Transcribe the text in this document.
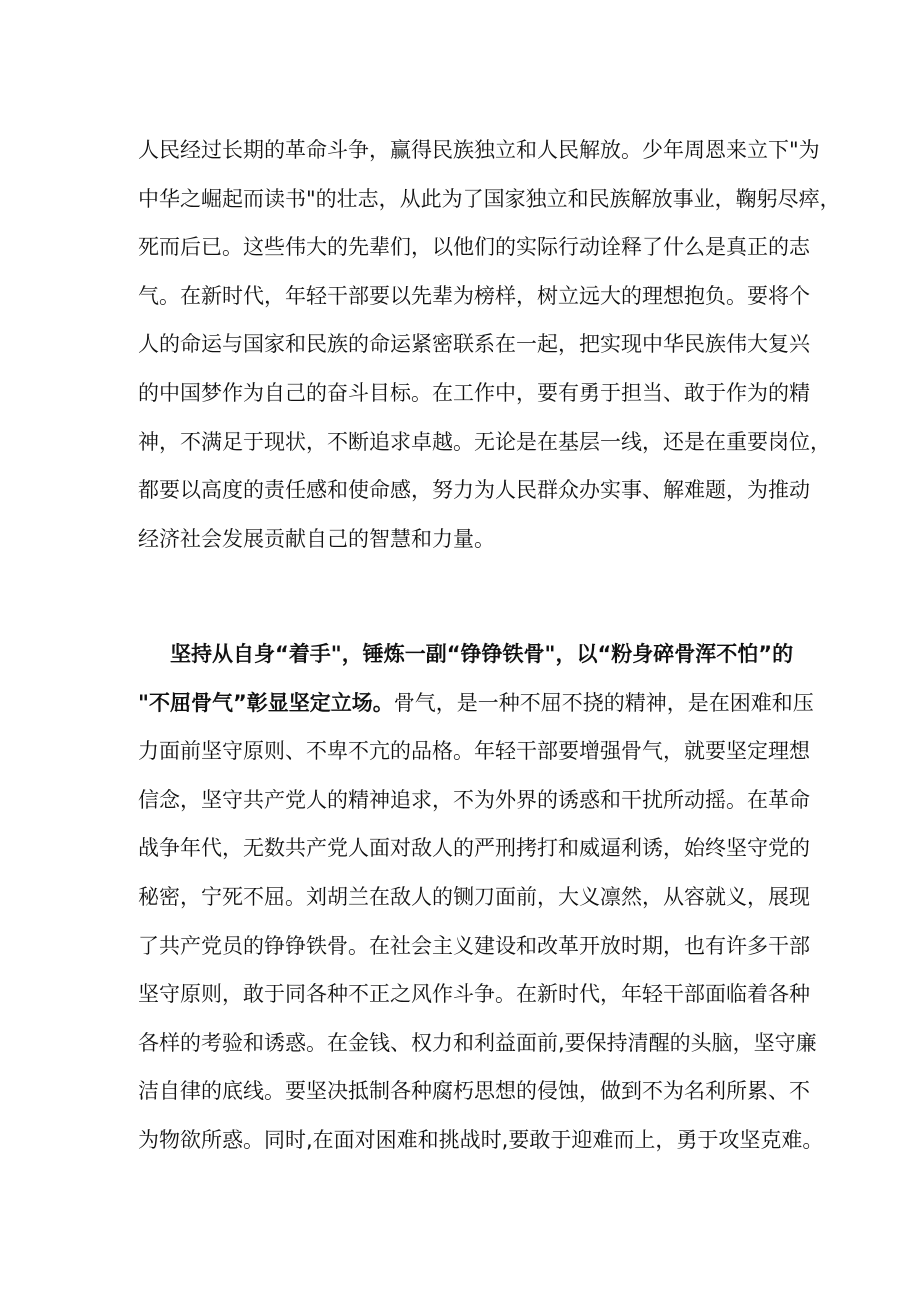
人民经过长期的革命斗争，赢得民族独立和人民解放。少年周恩来立下"为
中华之崛起而读书"的壮志，从此为了国家独立和民族解放事业，鞠躬尽瘁，
死而后已。这些伟大的先辈们，以他们的实际行动诠释了什么是真正的志
气。在新时代，年轻干部要以先辈为榜样，树立远大的理想抱负。要将个
人的命运与国家和民族的命运紧密联系在一起，把实现中华民族伟大复兴
的中国梦作为自己的奋斗目标。在工作中，要有勇于担当、敢于作为的精
神，不满足于现状，不断追求卓越。无论是在基层一线，还是在重要岗位，
都要以高度的责任感和使命感，努力为人民群众办实事、解难题，为推动
经济社会发展贡献自己的智慧和力量。
坚持从自身“着手"，锤炼一副“铮铮铁骨"，以“粉身碎骨浑不怕”的
"不屈骨气”彰显坚定立场。骨气，是一种不屈不挠的精神，是在困难和压
力面前坚守原则、不卑不亢的品格。年轻干部要增强骨气，就要坚定理想
信念，坚守共产党人的精神追求，不为外界的诱惑和干扰所动摇。在革命
战争年代，无数共产党人面对敌人的严刑拷打和威逼利诱，始终坚守党的
秘密，宁死不屈。刘胡兰在敌人的铡刀面前，大义凛然，从容就义，展现
了共产党员的铮铮铁骨。在社会主义建设和改革开放时期，也有许多干部
坚守原则，敢于同各种不正之风作斗争。在新时代，年轻干部面临着各种
各样的考验和诱惑。在金钱、权力和利益面前,要保持清醒的头脑，坚守廉
洁自律的底线。要坚决抵制各种腐朽思想的侵蚀，做到不为名利所累、不
为物欲所惑。同时,在面对困难和挑战时,要敢于迎难而上，勇于攻坚克难。
